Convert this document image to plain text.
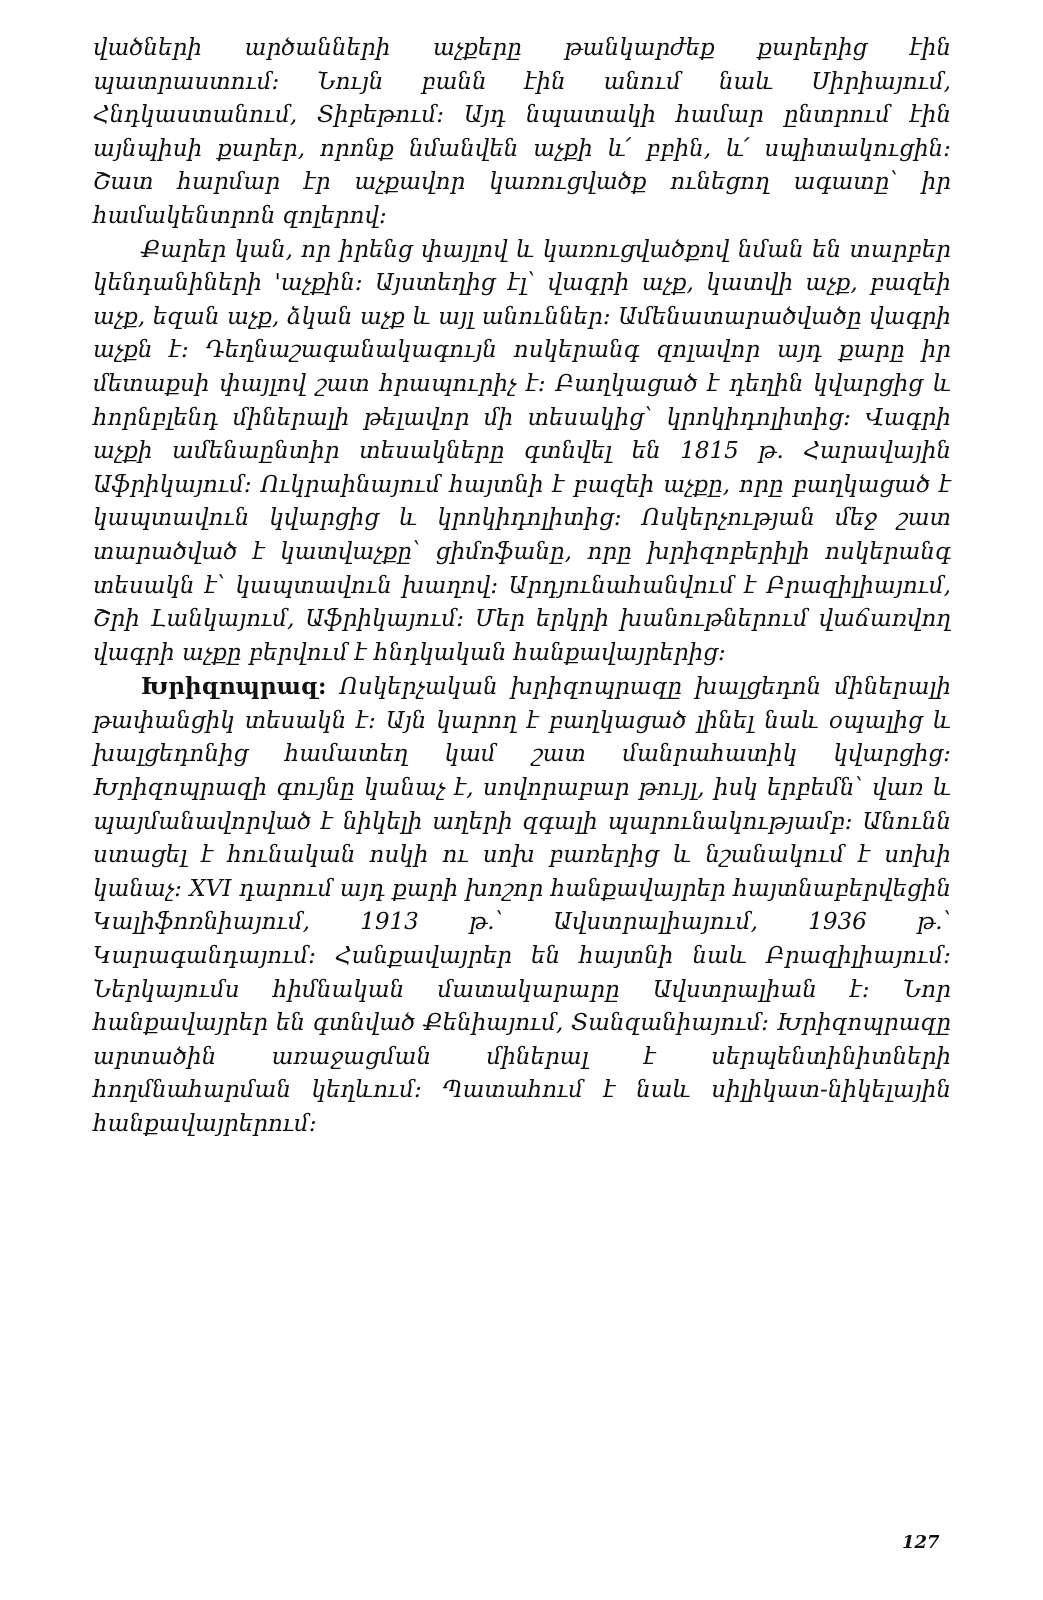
վածների արծանների աչքերը թանկարժեք քարերից էին պատրաստում։ Նույն բանն էին անում նաև Սիրիայում, Հնդկաստանում, Տիբեթում։ Այդ նպատակի համար ընտրում էին այնպիսի քարեր, որոնք նմանվեն աչքի և՛ բբին, և՛ սպիտակուցին։ Շատ հարմար էր աչքավոր կառուցվածք ունեցող ագատը՝ իր համակենտրոն զոլերով։

Քարեր կան, որ իրենց փայլով և կառուցվածքով նման են տարբեր կենդանիների 'աչքին։ Այստեղից էլ՝ վագրի աչք, կատվի աչք, բազեի աչք, եզան աչք, ձկան աչք և այլ անուններ։ Ամենատարածվածը վագրի աչքն է։ Դեղնաշագանակագույն ոսկերանգ զոլավոր այդ քարը իր մետաքսի փայլով շատ հրապուրիչ է։ Բաղկացած է դեղին կվարցից և հորնբլենդ միներալի թելավոր մի տեսակից՝ կրոկիդոլիտից։ Վագրի աչքի ամենաընտիր տեսակները գտնվել են 1815 թ. Հարավային Աֆրիկայում։ Ուկրաինայում հայտնի է բազեի աչքը, որը բաղկացած է կապտավուն կվարցից և կրոկիդոլիտից։ Ոսկերչության մեջ շատ տարածված է կատվաչքը՝ ցիմոֆանը, որը խրիզոբերիլի ոսկերանգ տեսակն է՝ կապտավուն խաղով։ Արդյունահանվում է Բրազիլիայում, Շրի Լանկայում, Աֆրիկայում։ Մեր երկրի խանութներում վաճառվող վագրի աչքը բերվում է հնդկական հանքավայրերից։

Խրիզոպրազ: Ոսկերչական խրիզոպրազը խալցեդոն միներալի թափանցիկ տեսակն է։ Այն կարող է բաղկացած լինել նաև օպալից և խալցեդոնից համատեղ կամ շատ մանրահատիկ կվարցից։ Խրիզոպրազի գույնը կանաչ է, սովորաբար թույլ, իսկ երբեմն՝ վառ և պայմանավորված է նիկելի աղերի զգալի պարունակությամբ։ Անունն ստացել է հունական ոսկի ու սոխ բառերից և նշանակում է սոխի կանաչ։ XVI դարում այդ քարի խոշոր հանքավայրեր հայտնաբերվեցին Կալիֆոռնիայում, 1913 թ.՝ Ավստրալիայում, 1936 թ.՝ Կարագանդայում։ Հանքավայրեր են հայտնի նաև Բրազիլիայում։ Ներկայումս հիմնական մատակարարը Ավստրալիան է։ Նոր հանքավայրեր են գտնված Քենիայում, Տանզանիայում։ Խրիզոպրազը արտածին առաջացման միներալ է սերպենտինիտների հողմնահարման կեղևում։ Պատահում է նաև սիլիկատ-նիկելային հանքավայրերում։

127
